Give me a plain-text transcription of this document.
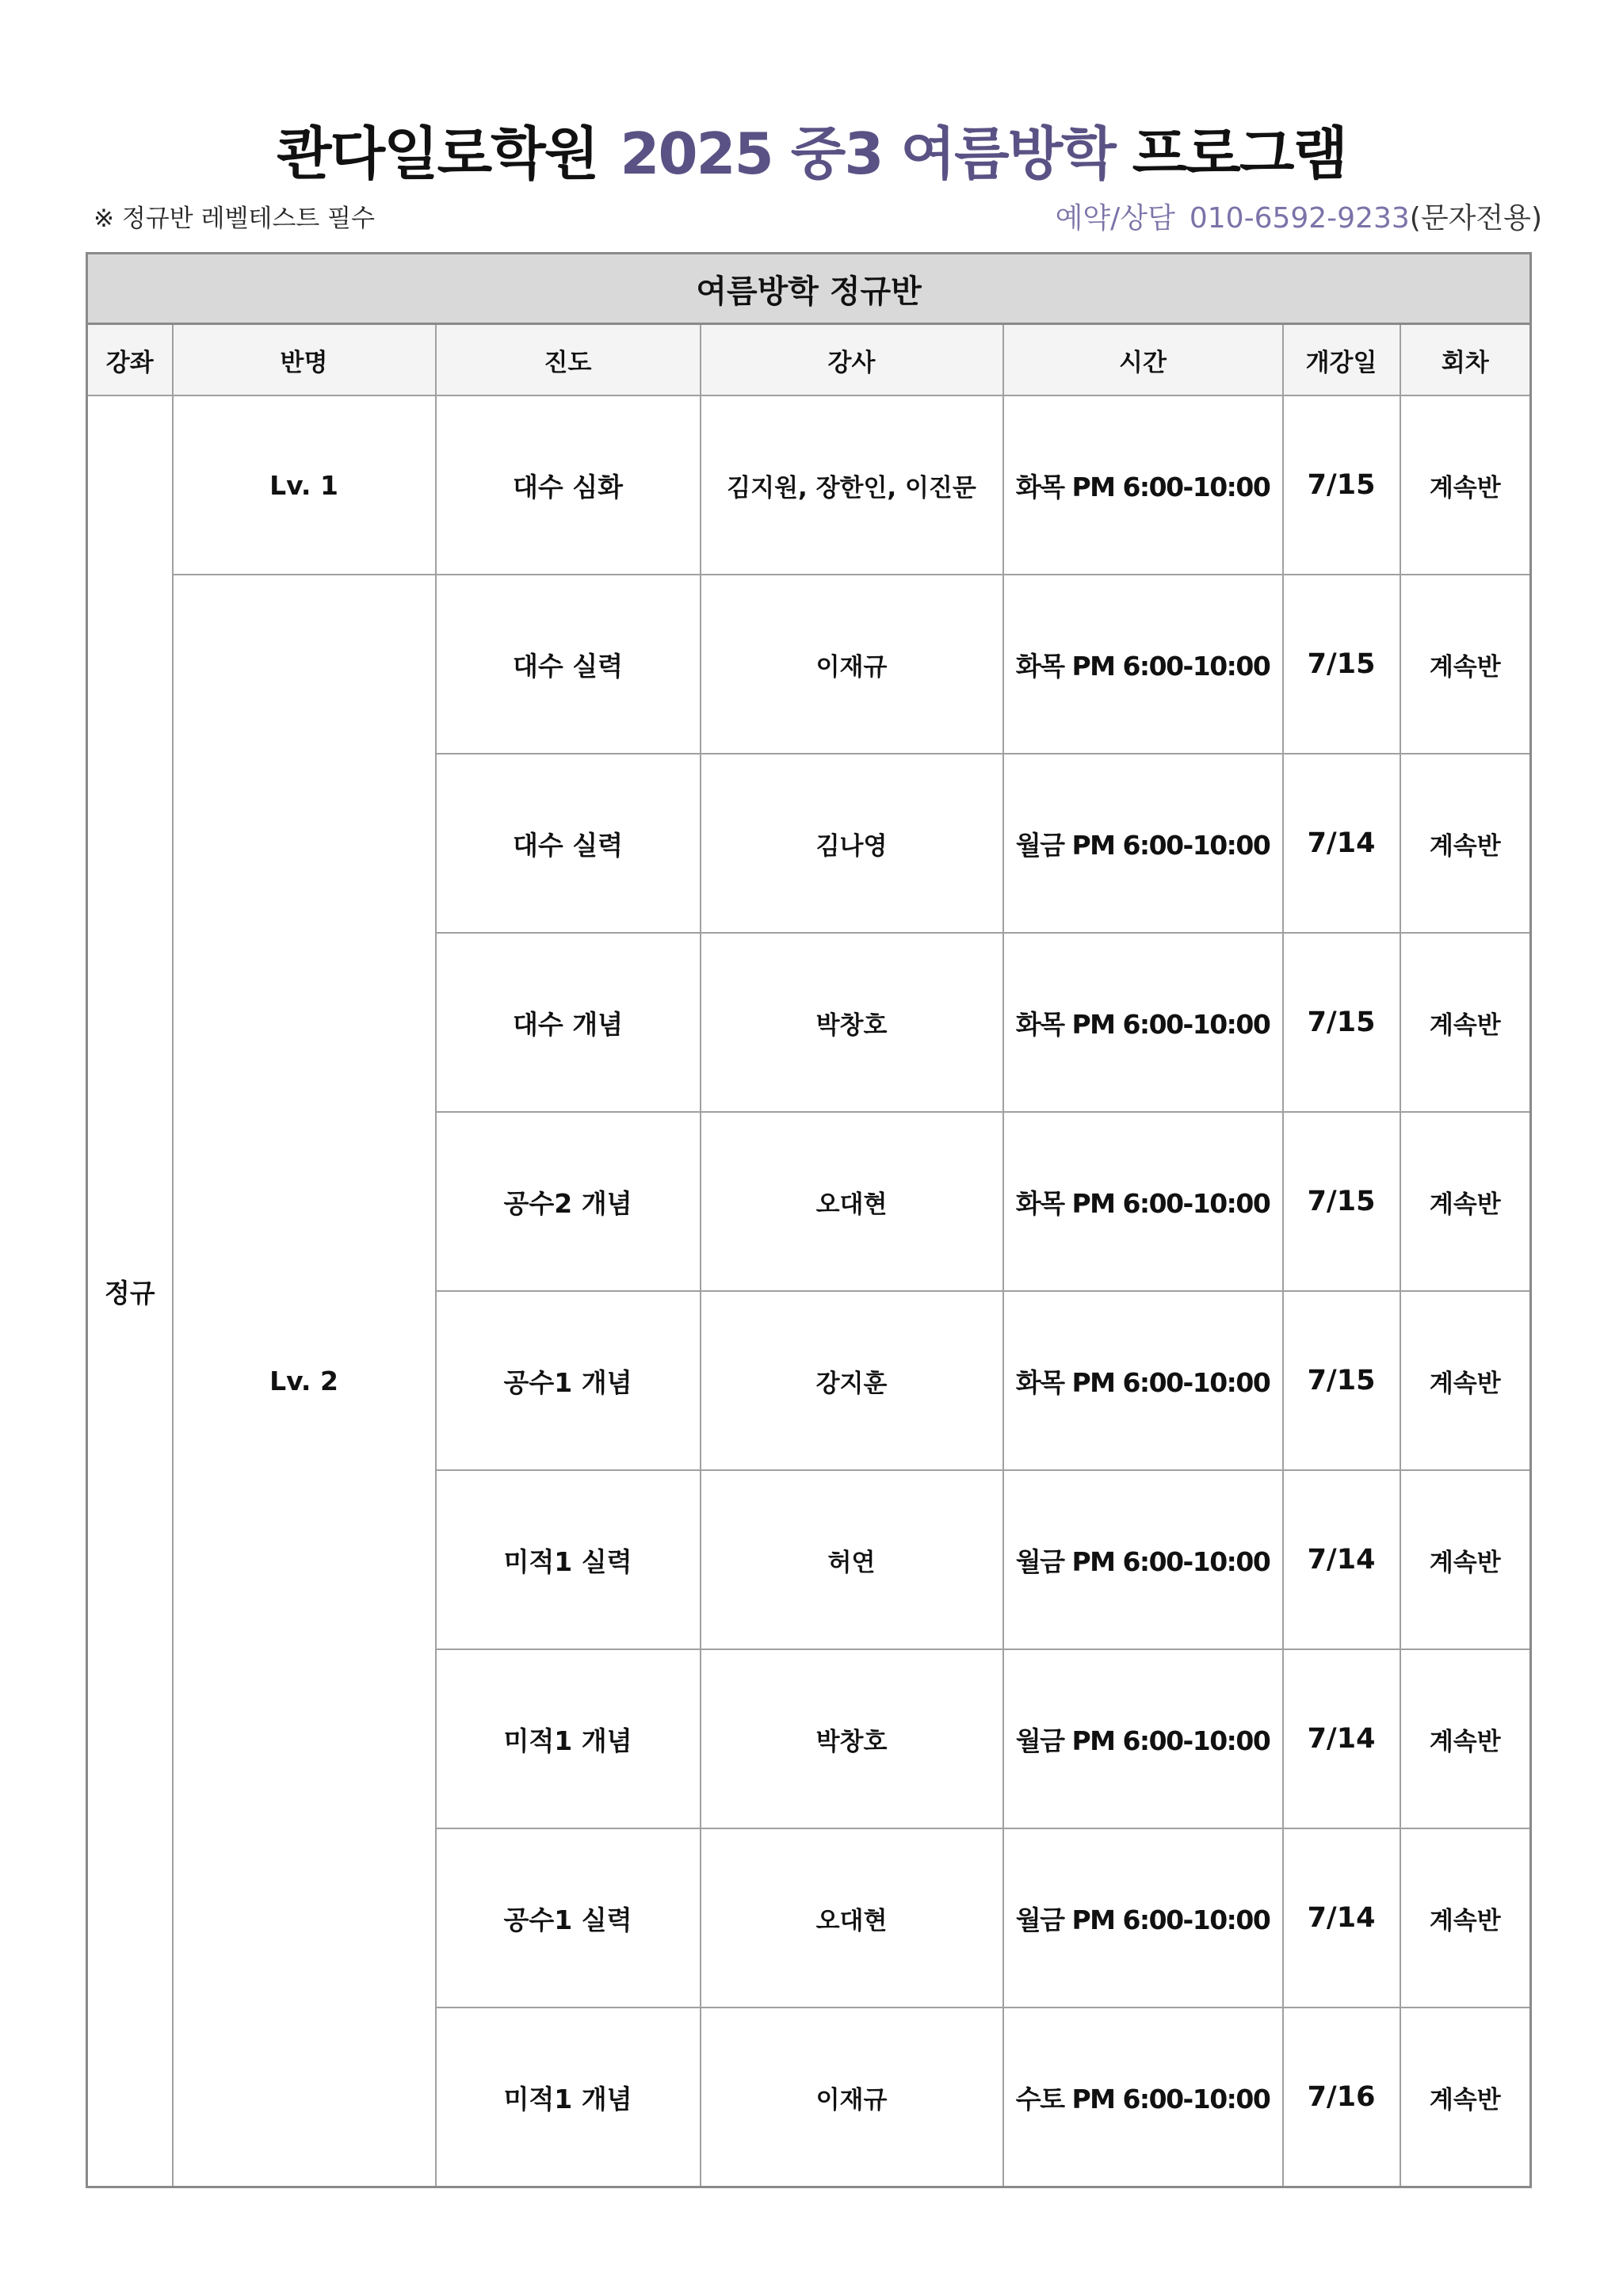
콴다일로학원 2025 중3 여름방학 프로그램
※ 정규반 레벨테스트 필수	예약/상담 010-6592-9233(문자전용)
여름방학 정규반						
강좌	반명	진도	강사	시간	개강일	회차
정규	Lv. 1	대수 심화	김지원, 장한인, 이진문	화목 PM 6:00-10:00	7/15	계속반
	Lv. 2	대수 실력	이재규	화목 PM 6:00-10:00	7/15	계속반
		대수 실력	김나영	월금 PM 6:00-10:00	7/14	계속반
		대수 개념	박창호	화목 PM 6:00-10:00	7/15	계속반
		공수2 개념	오대현	화목 PM 6:00-10:00	7/15	계속반
		공수1 개념	강지훈	화목 PM 6:00-10:00	7/15	계속반
		미적1 실력	허연	월금 PM 6:00-10:00	7/14	계속반
		미적1 개념	박창호	월금 PM 6:00-10:00	7/14	계속반
		공수1 실력	오대현	월금 PM 6:00-10:00	7/14	계속반
		미적1 개념	이재규	수토 PM 6:00-10:00	7/16	계속반
